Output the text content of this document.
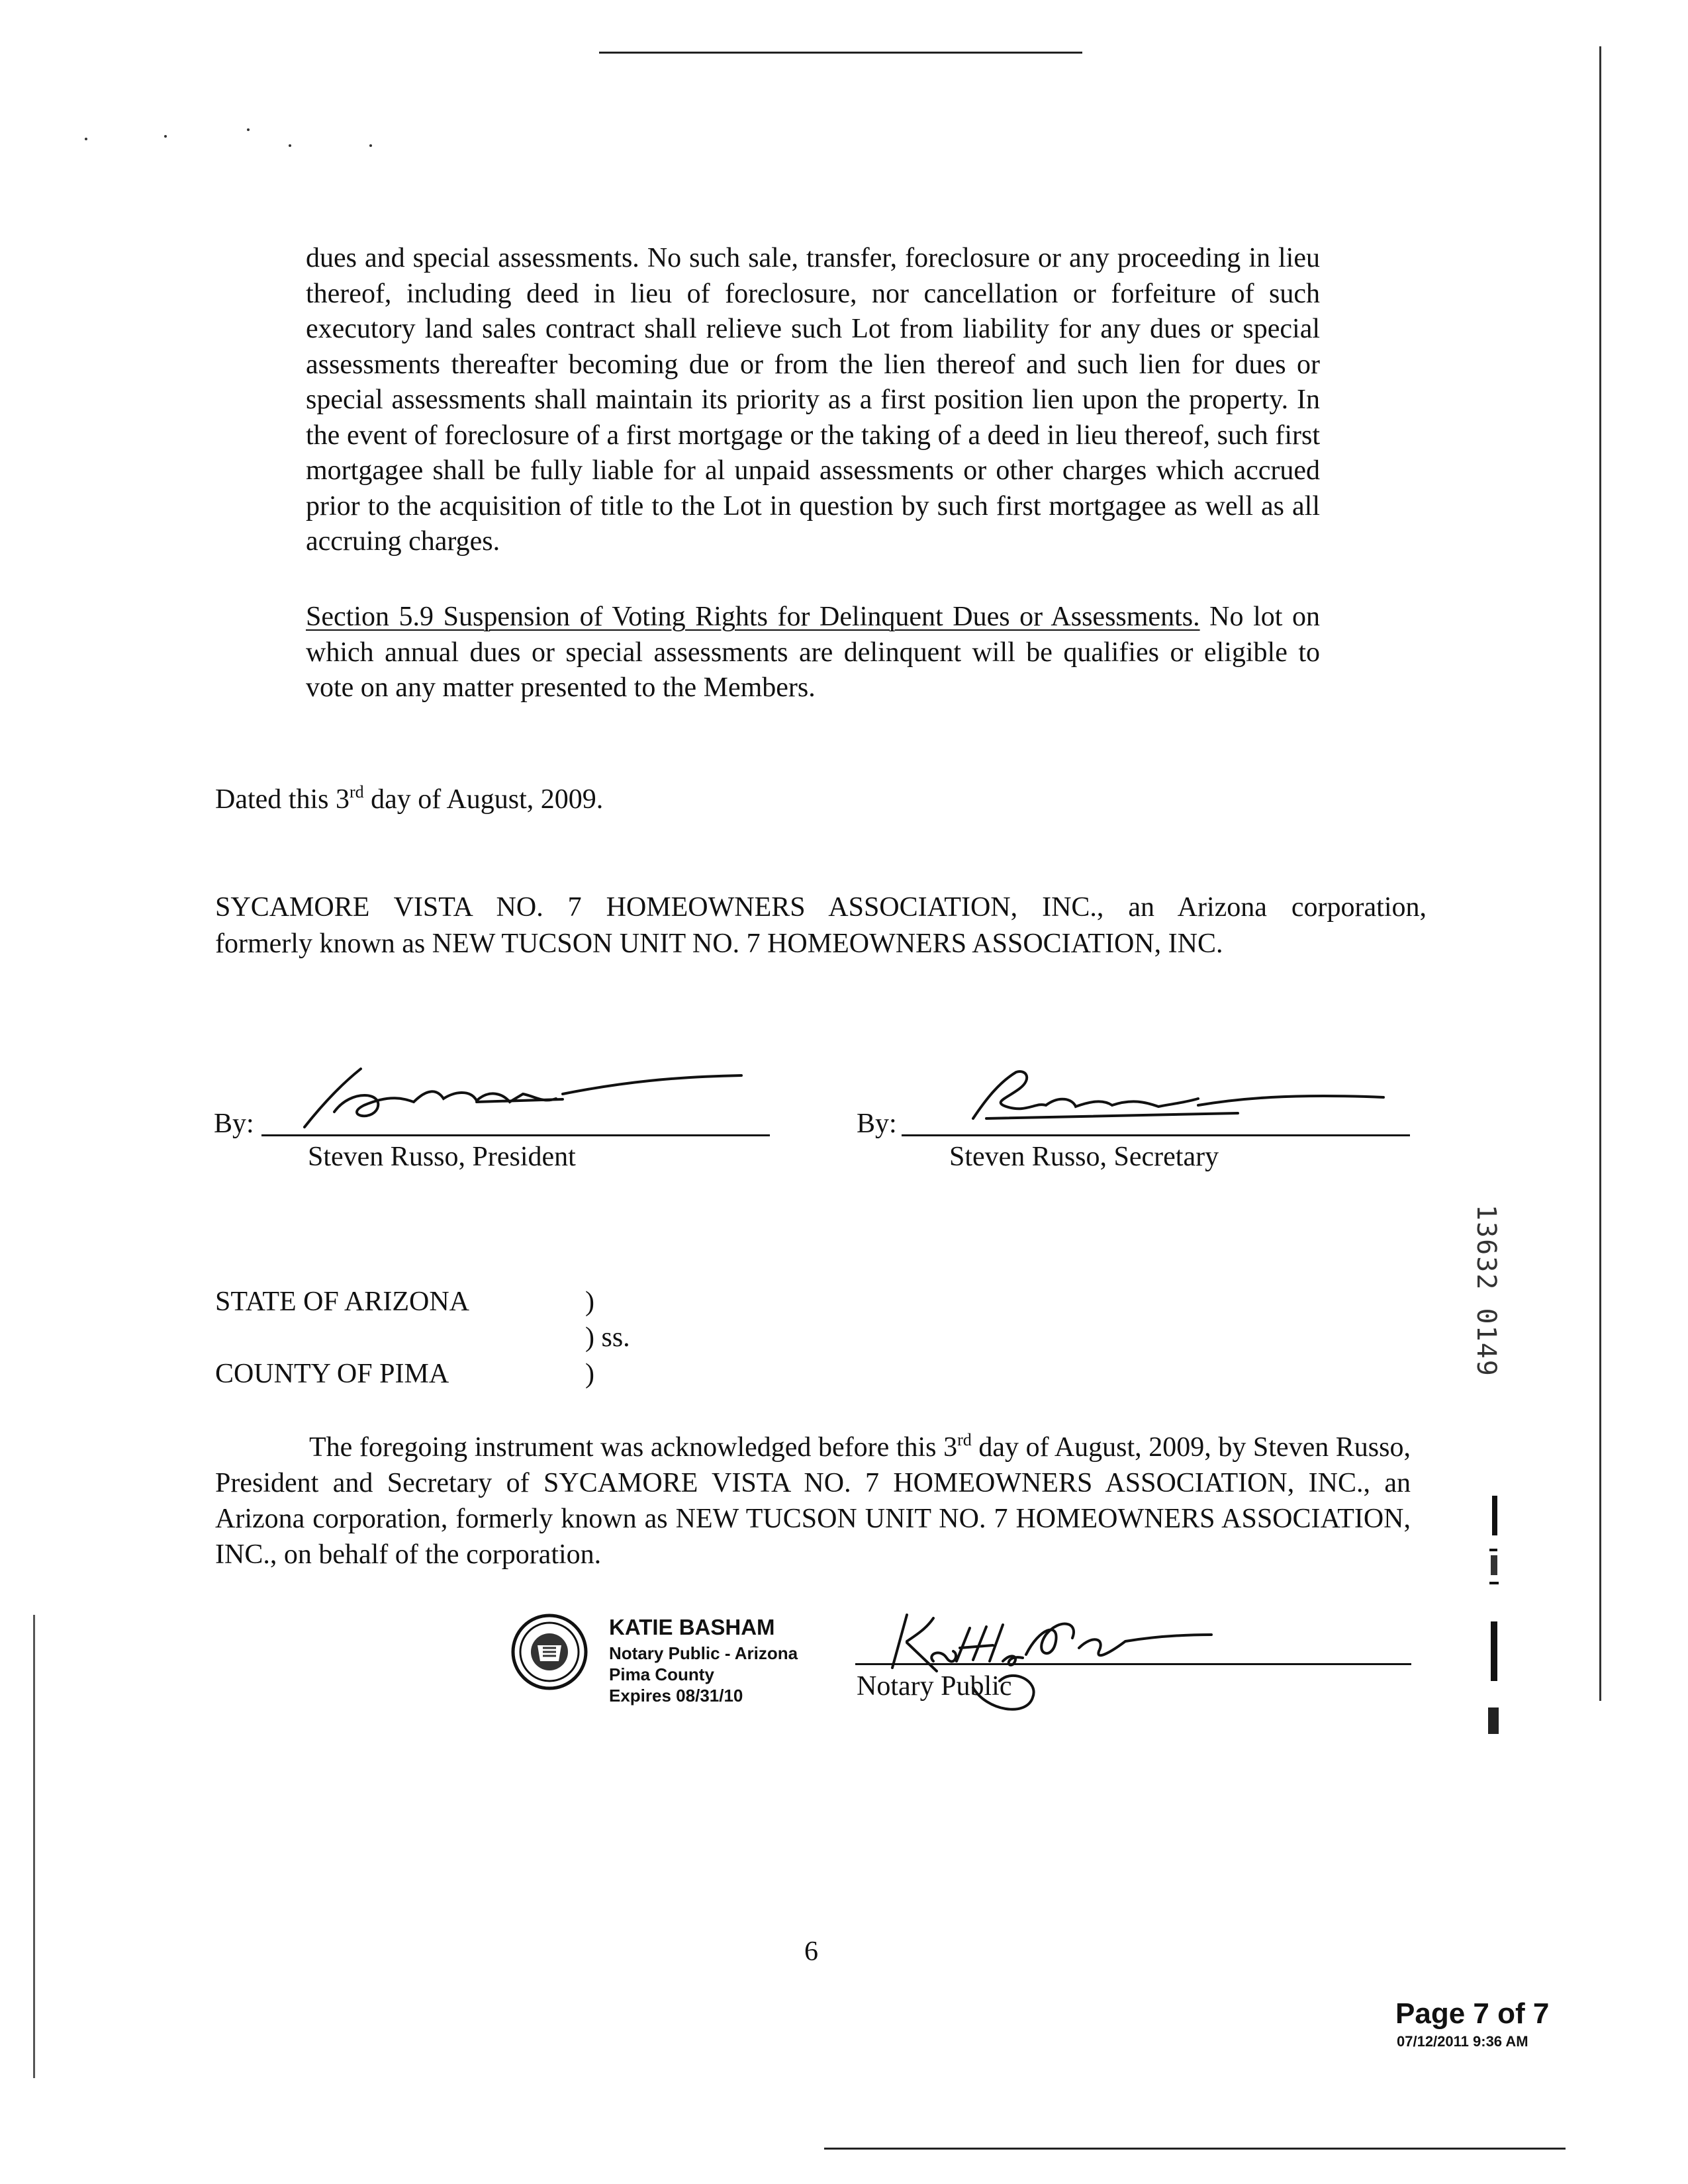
dues and special assessments. No such sale, transfer, foreclosure or any proceeding in lieu thereof, including deed in lieu of foreclosure, nor cancellation or forfeiture of such executory land sales contract shall relieve such Lot from liability for any dues or special assessments thereafter becoming due or from the lien thereof and such lien for dues or special assessments shall maintain its priority as a first position lien upon the property. In the event of foreclosure of a first mortgage or the taking of a deed in lieu thereof, such first mortgagee shall be fully liable for al unpaid assessments or other charges which accrued prior to the acquisition of title to the Lot in question by such first mortgagee as well as all accruing charges.
Section 5.9 Suspension of Voting Rights for Delinquent Dues or Assessments. No lot on which annual dues or special assessments are delinquent will be qualifies or eligible to vote on any matter presented to the Members.
Dated this 3rd day of August, 2009.
SYCAMORE VISTA NO. 7 HOMEOWNERS ASSOCIATION, INC., an Arizona corporation,
formerly known as NEW TUCSON UNIT NO. 7 HOMEOWNERS ASSOCIATION, INC.
By:
Steven Russo, President
By:
Steven Russo, Secretary
STATE OF ARIZONA	)
) ss.
COUNTY OF PIMA	)
The foregoing instrument was acknowledged before this 3rd day of August, 2009, by Steven Russo, President and Secretary of SYCAMORE VISTA NO. 7 HOMEOWNERS ASSOCIATION, INC., an Arizona corporation, formerly known as NEW TUCSON UNIT NO. 7 HOMEOWNERS ASSOCIATION, INC., on behalf of the corporation.
KATIE BASHAM
Notary Public - Arizona
Pima County
Expires 08/31/10	Notary Public
13632 0149
6
Page 7 of 7
07/12/2011 9:36 AM
